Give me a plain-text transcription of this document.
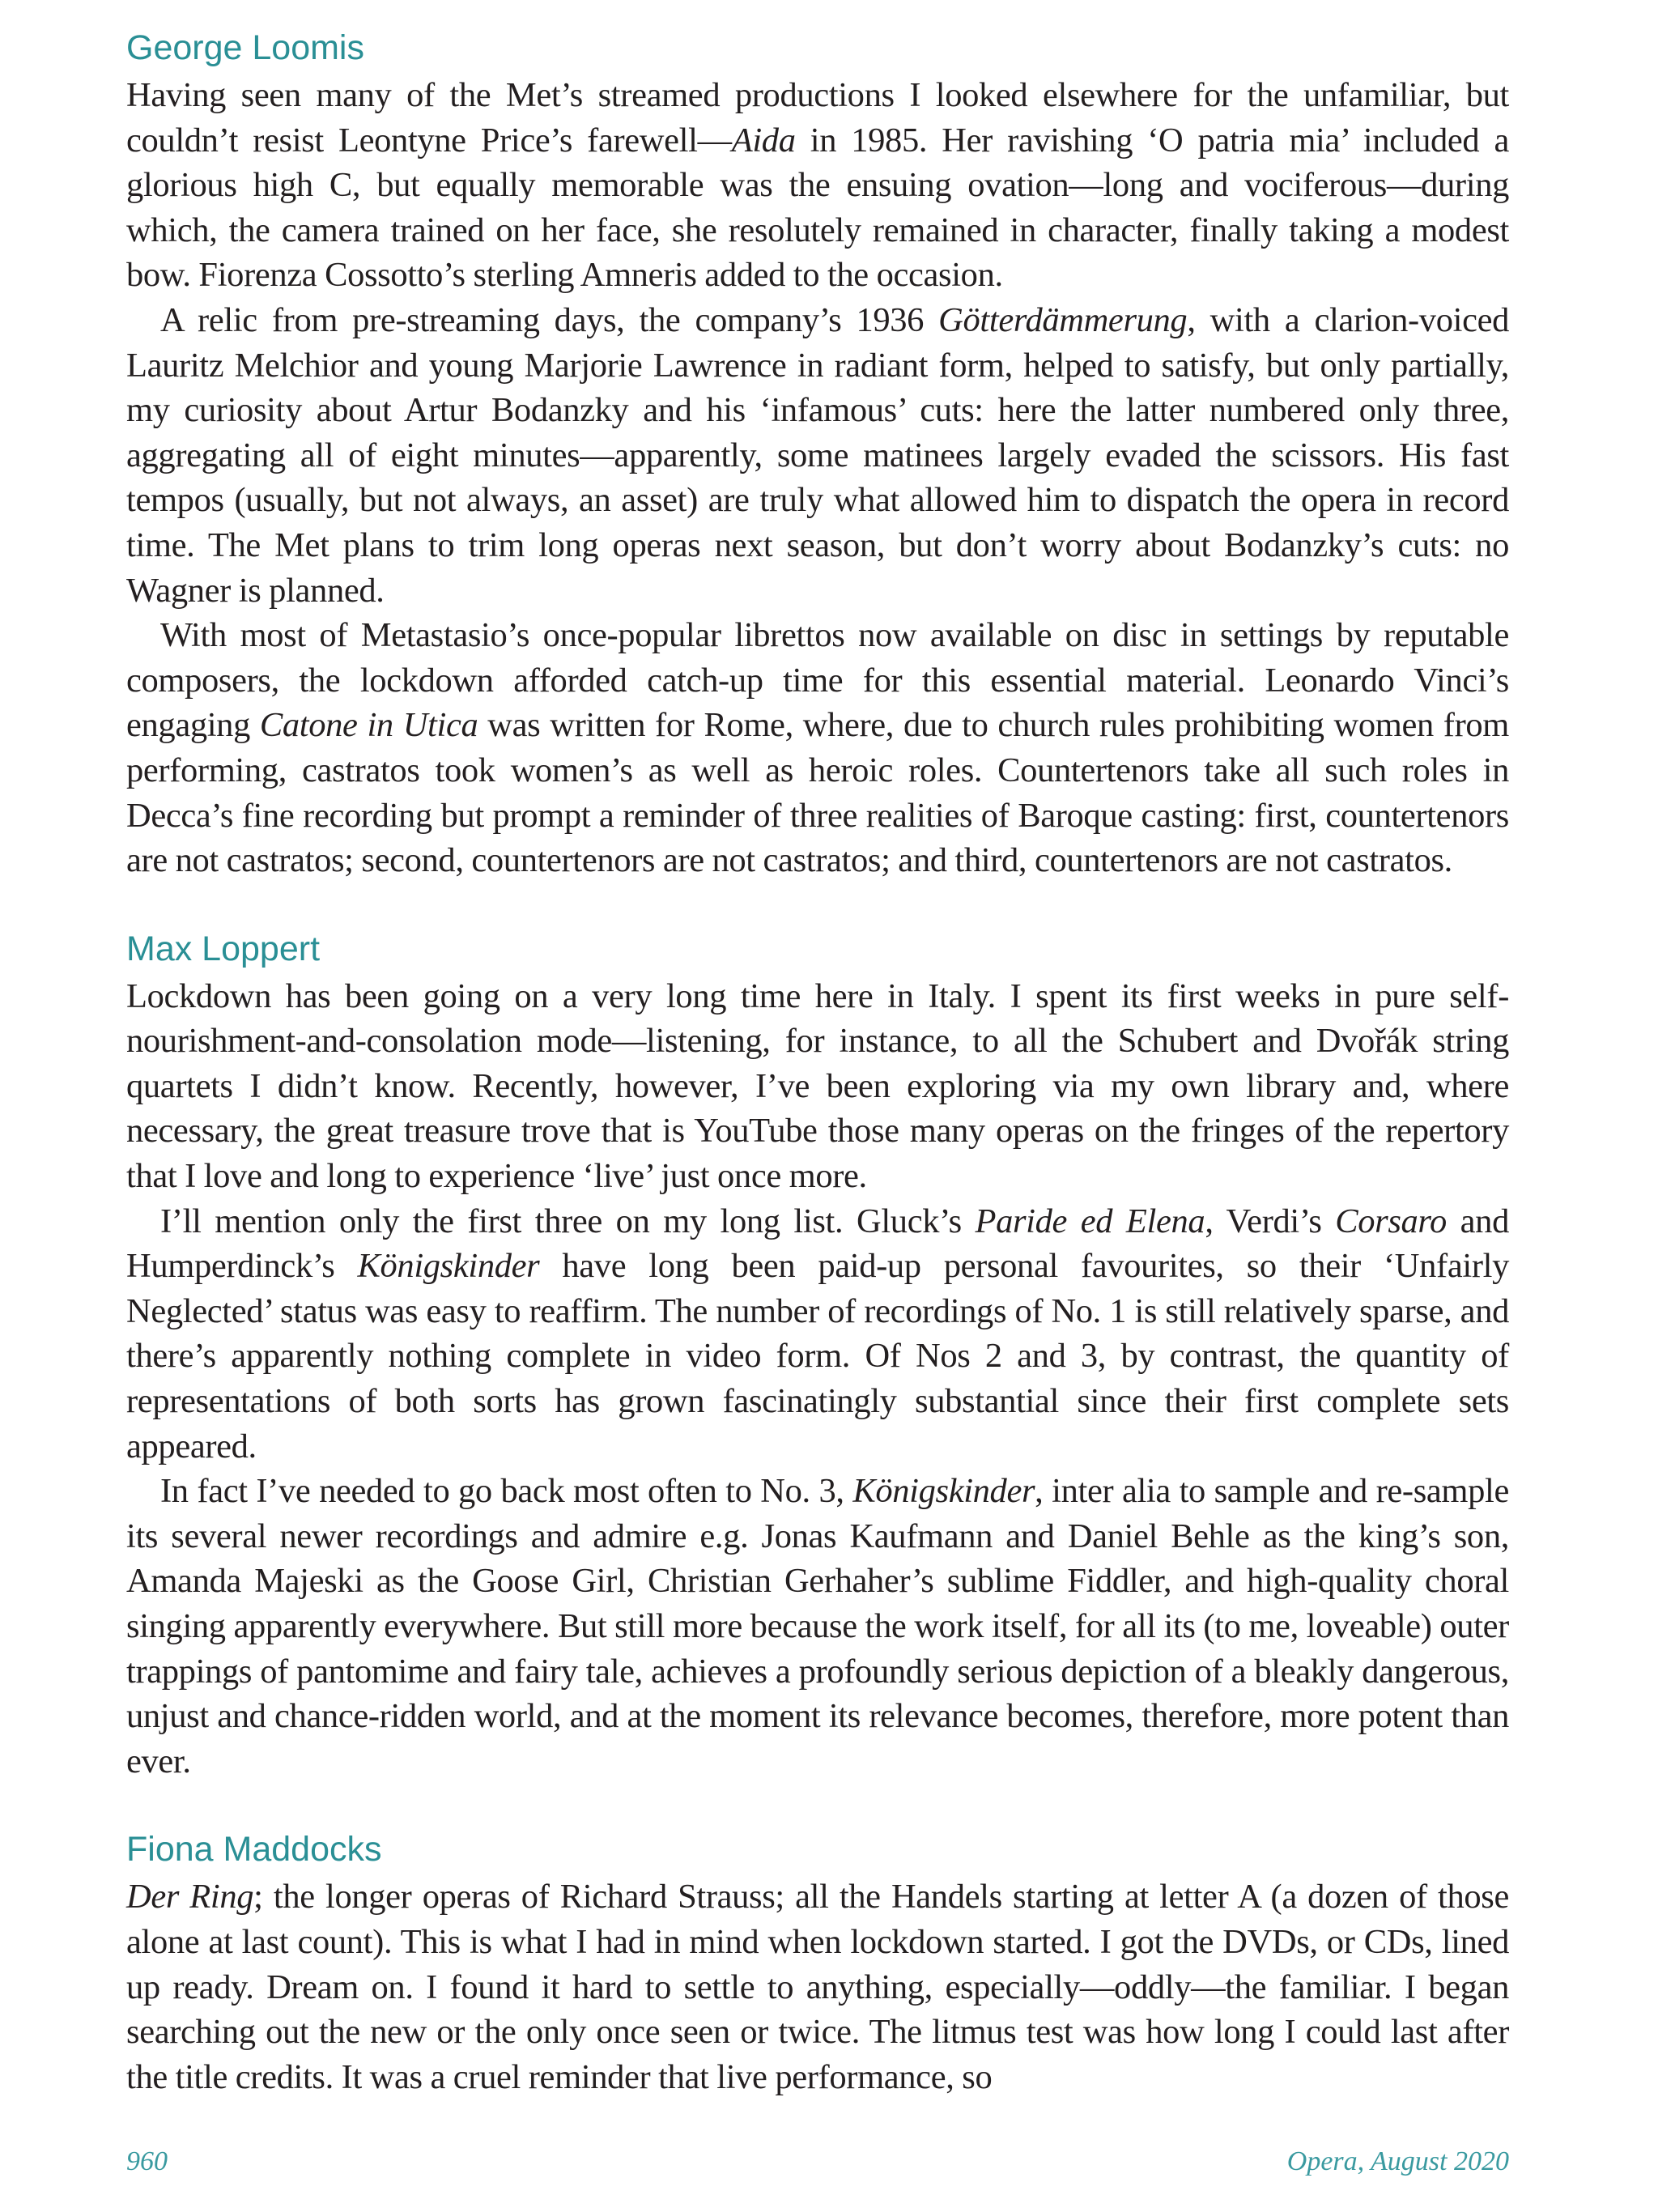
George Loomis

Having seen many of the Met’s streamed productions I looked elsewhere for the unfamiliar, but couldn’t resist Leontyne Price’s farewell—Aida in 1985. Her ravishing ‘O patria mia’ included a glorious high C, but equally memorable was the ensuing ovation—long and vociferous—during which, the camera trained on her face, she resolutely remained in character, finally taking a modest bow. Fiorenza Cossotto’s sterling Amneris added to the occasion.

A relic from pre-streaming days, the company’s 1936 Götterdämmerung, with a clarion-voiced Lauritz Melchior and young Marjorie Lawrence in radiant form, helped to satisfy, but only partially, my curiosity about Artur Bodanzky and his ‘infamous’ cuts: here the latter numbered only three, aggregating all of eight minutes—apparently, some matinees largely evaded the scissors. His fast tempos (usually, but not always, an asset) are truly what allowed him to dispatch the opera in record time. The Met plans to trim long operas next season, but don’t worry about Bodanzky’s cuts: no Wagner is planned.

With most of Metastasio’s once-popular librettos now available on disc in settings by reputable composers, the lockdown afforded catch-up time for this essential material. Leonardo Vinci’s engaging Catone in Utica was written for Rome, where, due to church rules prohibiting women from performing, castratos took women’s as well as heroic roles. Countertenors take all such roles in Decca’s fine recording but prompt a reminder of three realities of Baroque casting: first, countertenors are not castratos; second, countertenors are not castratos; and third, countertenors are not castratos.

Max Loppert

Lockdown has been going on a very long time here in Italy. I spent its first weeks in pure self-nourishment-and-consolation mode—listening, for instance, to all the Schubert and Dvořák string quartets I didn’t know. Recently, however, I’ve been exploring via my own library and, where necessary, the great treasure trove that is YouTube those many operas on the fringes of the repertory that I love and long to experience ‘live’ just once more.

I’ll mention only the first three on my long list. Gluck’s Paride ed Elena, Verdi’s Corsaro and Humperdinck’s Königskinder have long been paid-up personal favourites, so their ‘Unfairly Neglected’ status was easy to reaffirm. The number of recordings of No. 1 is still relatively sparse, and there’s apparently nothing complete in video form. Of Nos 2 and 3, by contrast, the quantity of representations of both sorts has grown fascinatingly substantial since their first complete sets appeared.

In fact I’ve needed to go back most often to No. 3, Königskinder, inter alia to sample and re-sample its several newer recordings and admire e.g. Jonas Kaufmann and Daniel Behle as the king’s son, Amanda Majeski as the Goose Girl, Christian Gerhaher’s sublime Fiddler, and high-quality choral singing apparently everywhere. But still more because the work itself, for all its (to me, loveable) outer trappings of pantomime and fairy tale, achieves a profoundly serious depiction of a bleakly dangerous, unjust and chance-ridden world, and at the moment its relevance becomes, therefore, more potent than ever.

Fiona Maddocks

Der Ring; the longer operas of Richard Strauss; all the Handels starting at letter A (a dozen of those alone at last count). This is what I had in mind when lockdown started. I got the DVDs, or CDs, lined up ready. Dream on. I found it hard to settle to anything, especially—oddly—the familiar. I began searching out the new or the only once seen or twice. The litmus test was how long I could last after the title credits. It was a cruel reminder that live performance, so

960	Opera, August 2020
